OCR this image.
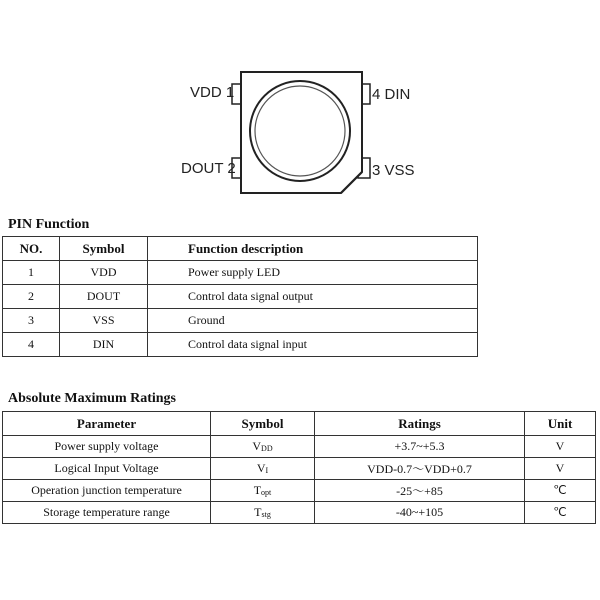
VDD 1	4 DIN
DOUT 2	3 VSS
PIN Function
NO.	Symbol	Function description
1	VDD	Power supply LED
2	DOUT	Control data signal output
3	VSS	Ground
4	DIN	Control data signal input
Absolute Maximum Ratings
Parameter	Symbol	Ratings	Unit
Power supply voltage	$V_{DD}$	+3.7~+5.3	V
Logical Input Voltage	$V_I$	VDD-0.7～VDD+0.7	V
Operation junction temperature	$T_{opt}$	-25～+85	℃
Storage temperature range	$T_{stg}$	-40~+105	℃
